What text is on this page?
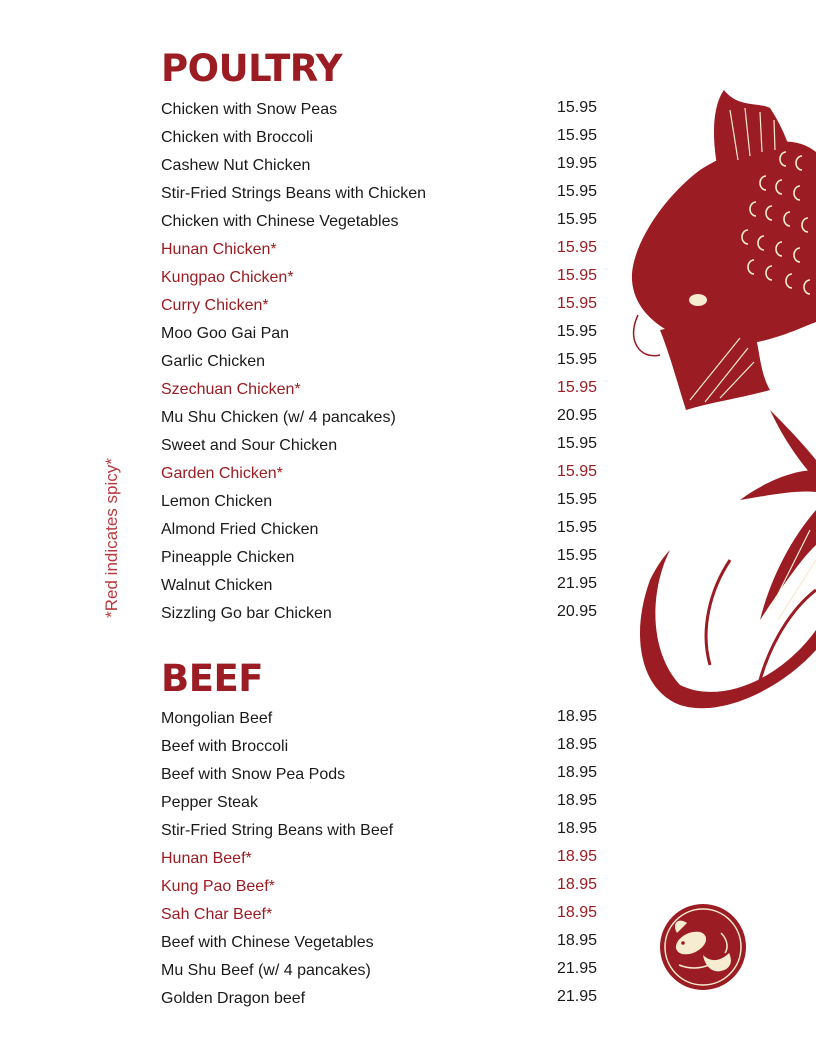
POULTRY
Chicken with Snow Peas	15.95
Chicken with Broccoli	15.95
Cashew Nut Chicken	19.95
Stir-Fried Strings Beans with Chicken	15.95
Chicken with Chinese Vegetables	15.95
Hunan Chicken*	15.95
Kungpao Chicken*	15.95
Curry Chicken*	15.95
Moo Goo Gai Pan	15.95
Garlic Chicken	15.95
Szechuan Chicken*	15.95
Mu Shu Chicken (w/ 4 pancakes)	20.95
Sweet and Sour Chicken	15.95
Garden Chicken*	15.95
Lemon Chicken	15.95
Almond Fried Chicken	15.95
Pineapple Chicken	15.95
Walnut Chicken	21.95
Sizzling Go bar Chicken	20.95
BEEF
Mongolian Beef	18.95
Beef with Broccoli	18.95
Beef with Snow Pea Pods	18.95
Pepper Steak	18.95
Stir-Fried String Beans with Beef	18.95
Hunan Beef*	18.95
Kung Pao Beef*	18.95
Sah Char Beef*	18.95
Beef with Chinese Vegetables	18.95
Mu Shu Beef (w/ 4 pancakes)	21.95
Golden Dragon beef	21.95
*Red indicates spicy*
